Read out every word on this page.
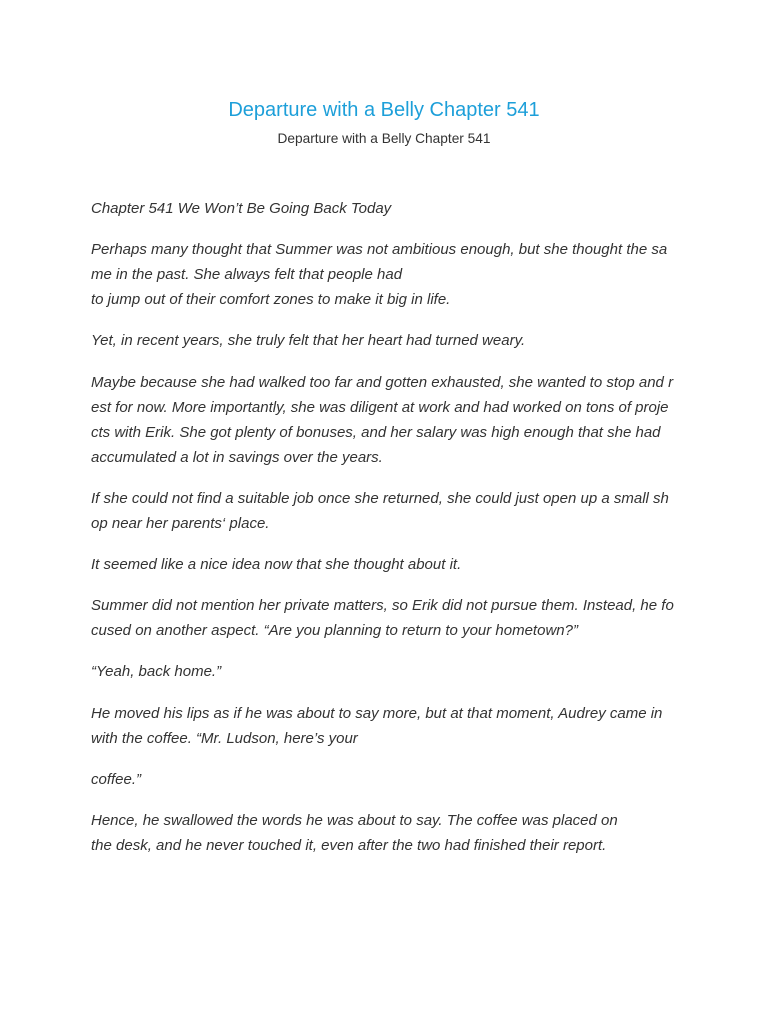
Departure with a Belly Chapter 541
Departure with a Belly Chapter 541

Chapter 541 We Won’t Be Going Back Today

Perhaps many thought that Summer was not ambitious enough, but she thought the sa
me in the past. She always felt that people had
to jump out of their comfort zones to make it big in life.

Yet, in recent years, she truly felt that her heart had turned weary.

Maybe because she had walked too far and gotten exhausted, she wanted to stop and r
est for now. More importantly, she was diligent at work and had worked on tons of proje
cts with Erik. She got plenty of bonuses, and her salary was high enough that she had
accumulated a lot in savings over the years.

If she could not find a suitable job once she returned, she could just open up a small sh
op near her parents‘ place.

It seemed like a nice idea now that she thought about it.

Summer did not mention her private matters, so Erik did not pursue them. Instead, he fo
cused on another aspect. “Are you planning to return to your hometown?”

“Yeah, back home.”

He moved his lips as if he was about to say more, but at that moment, Audrey came in
with the coffee. “Mr. Ludson, here’s your

coffee.”

Hence, he swallowed the words he was about to say. The coffee was placed on
the desk, and he never touched it, even after the two had finished their report.
